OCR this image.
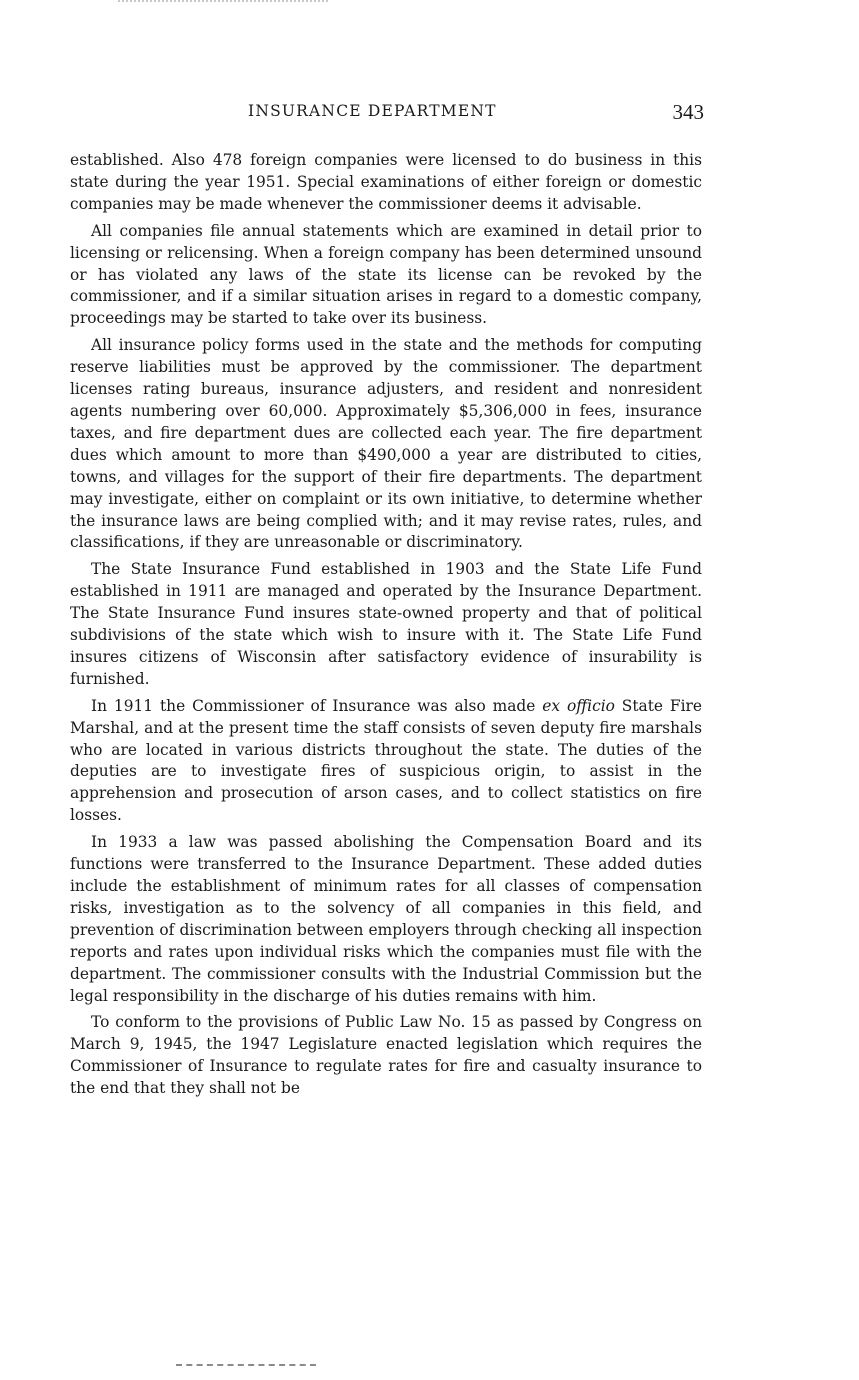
INSURANCE DEPARTMENT	343

established. Also 478 foreign companies were licensed to do business in this state during the year 1951. Special examinations of either foreign or domestic companies may be made whenever the commissioner deems it advisable.

All companies file annual statements which are examined in detail prior to licensing or relicensing. When a foreign company has been determined unsound or has violated any laws of the state its license can be revoked by the commissioner, and if a similar situation arises in regard to a domestic company, proceedings may be started to take over its business.

All insurance policy forms used in the state and the methods for computing reserve liabilities must be approved by the commissioner. The department licenses rating bureaus, insurance adjusters, and resident and nonresident agents numbering over 60,000. Approximately $5,306,000 in fees, insurance taxes, and fire department dues are collected each year. The fire department dues which amount to more than $490,000 a year are distributed to cities, towns, and villages for the support of their fire departments. The department may investigate, either on complaint or its own initiative, to determine whether the insurance laws are being complied with; and it may revise rates, rules, and classifications, if they are unreasonable or discriminatory.

The State Insurance Fund established in 1903 and the State Life Fund established in 1911 are managed and operated by the Insurance Department. The State Insurance Fund insures state-owned property and that of political subdivisions of the state which wish to insure with it. The State Life Fund insures citizens of Wisconsin after satisfactory evidence of insurability is furnished.

In 1911 the Commissioner of Insurance was also made ex officio State Fire Marshal, and at the present time the staff consists of seven deputy fire marshals who are located in various districts throughout the state. The duties of the deputies are to investigate fires of suspicious origin, to assist in the apprehension and prosecution of arson cases, and to collect statistics on fire losses.

In 1933 a law was passed abolishing the Compensation Board and its functions were transferred to the Insurance Department. These added duties include the establishment of minimum rates for all classes of compensation risks, investigation as to the solvency of all companies in this field, and prevention of discrimination between employers through checking all inspection reports and rates upon individual risks which the companies must file with the department. The commissioner consults with the Industrial Commission but the legal responsibility in the discharge of his duties remains with him.

To conform to the provisions of Public Law No. 15 as passed by Congress on March 9, 1945, the 1947 Legislature enacted legislation which requires the Commissioner of Insurance to regulate rates for fire and casualty insurance to the end that they shall not be
